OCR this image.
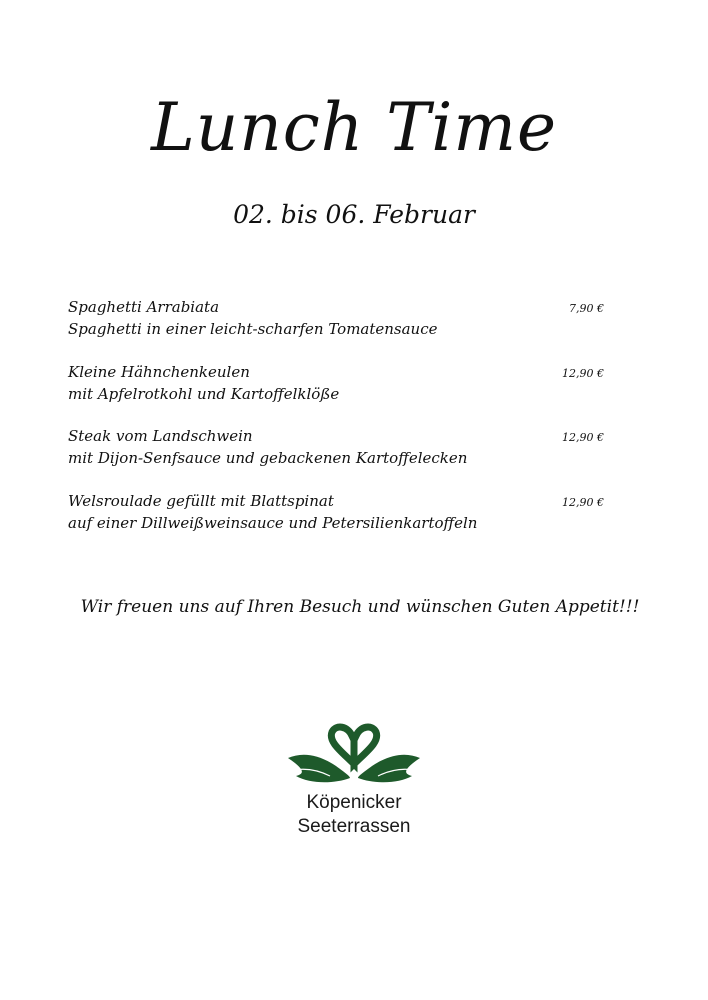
Lunch Time
02. bis 06. Februar
Spaghetti Arrabiata	7,90 €
Spaghetti in einer leicht-scharfen Tomatensauce
Kleine Hähnchenkeulen	12,90 €
mit Apfelrotkohl und Kartoffelklöße
Steak vom Landschwein	12,90 €
mit Dijon-Senfsauce und gebackenen Kartoffelecken
Welsroulade gefüllt mit Blattspinat	12,90 €
auf einer Dillweißweinsauce und Petersilienkartoffeln
Wir freuen uns auf Ihren Besuch und wünschen Guten Appetit!!!
Köpenicker
Seeterrassen
